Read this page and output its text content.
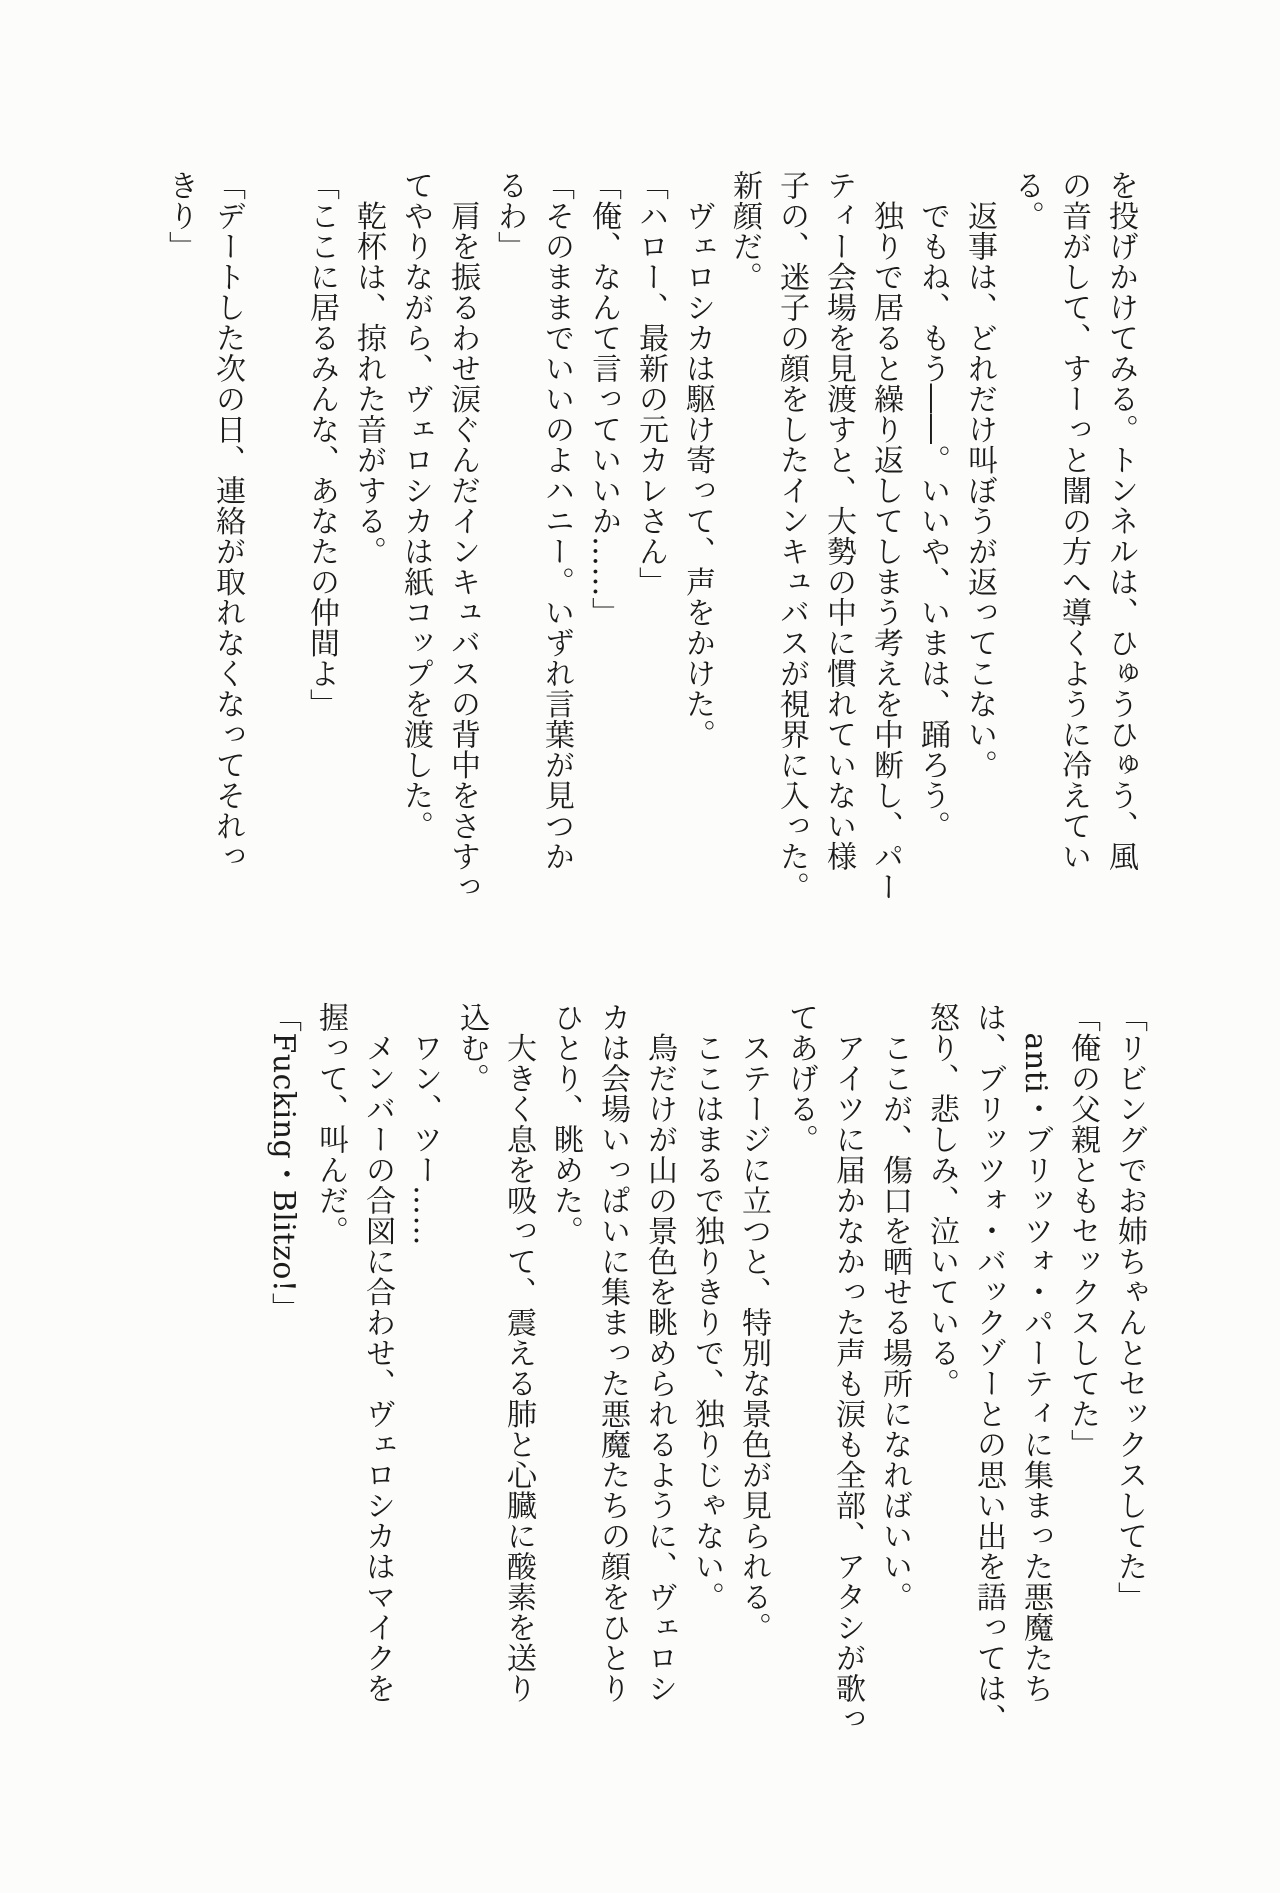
を投げかけてみる。トンネルは、ひゅうひゅう、風
の音がして、すーっと闇の方へ導くように冷えてい
る。
　返事は、どれだけ叫ぼうが返ってこない。
　でもね、もう――。いいや、いまは、踊ろう。
　独りで居ると繰り返してしまう考えを中断し、パー
ティー会場を見渡すと、大勢の中に慣れていない様
子の、迷子の顔をしたインキュバスが視界に入った。
新顔だ。
　ヴェロシカは駆け寄って、声をかけた。
「ハロー、最新の元カレさん」
「俺、なんて言っていいか……」
「そのままでいいのよハニー。いずれ言葉が見つか
るわ」
　肩を振るわせ涙ぐんだインキュバスの背中をさすっ
てやりながら、ヴェロシカは紙コップを渡した。
　乾杯は、掠れた音がする。
「ここに居るみんな、あなたの仲間よ」

「デートした次の日、連絡が取れなくなってそれっ
きり」
「リビングでお姉ちゃんとセックスしてた」
「俺の父親ともセックスしてた」
　anti・ブリッツォ・パーティに集まった悪魔たち
は、ブリッツォ・バックゾーとの思い出を語っては、
怒り、悲しみ、泣いている。
　ここが、傷口を晒せる場所になればいい。
　アイツに届かなかった声も涙も全部、アタシが歌っ
てあげる。
　ステージに立つと、特別な景色が見られる。
　ここはまるで独りきりで、独りじゃない。
　鳥だけが山の景色を眺められるように、ヴェロシ
カは会場いっぱいに集まった悪魔たちの顔をひとり
ひとり、眺めた。
　大きく息を吸って、震える肺と心臓に酸素を送り
込む。
　ワン、ツー……
　メンバーの合図に合わせ、ヴェロシカはマイクを
握って、叫んだ。
「Fucking・Blitzo!」
